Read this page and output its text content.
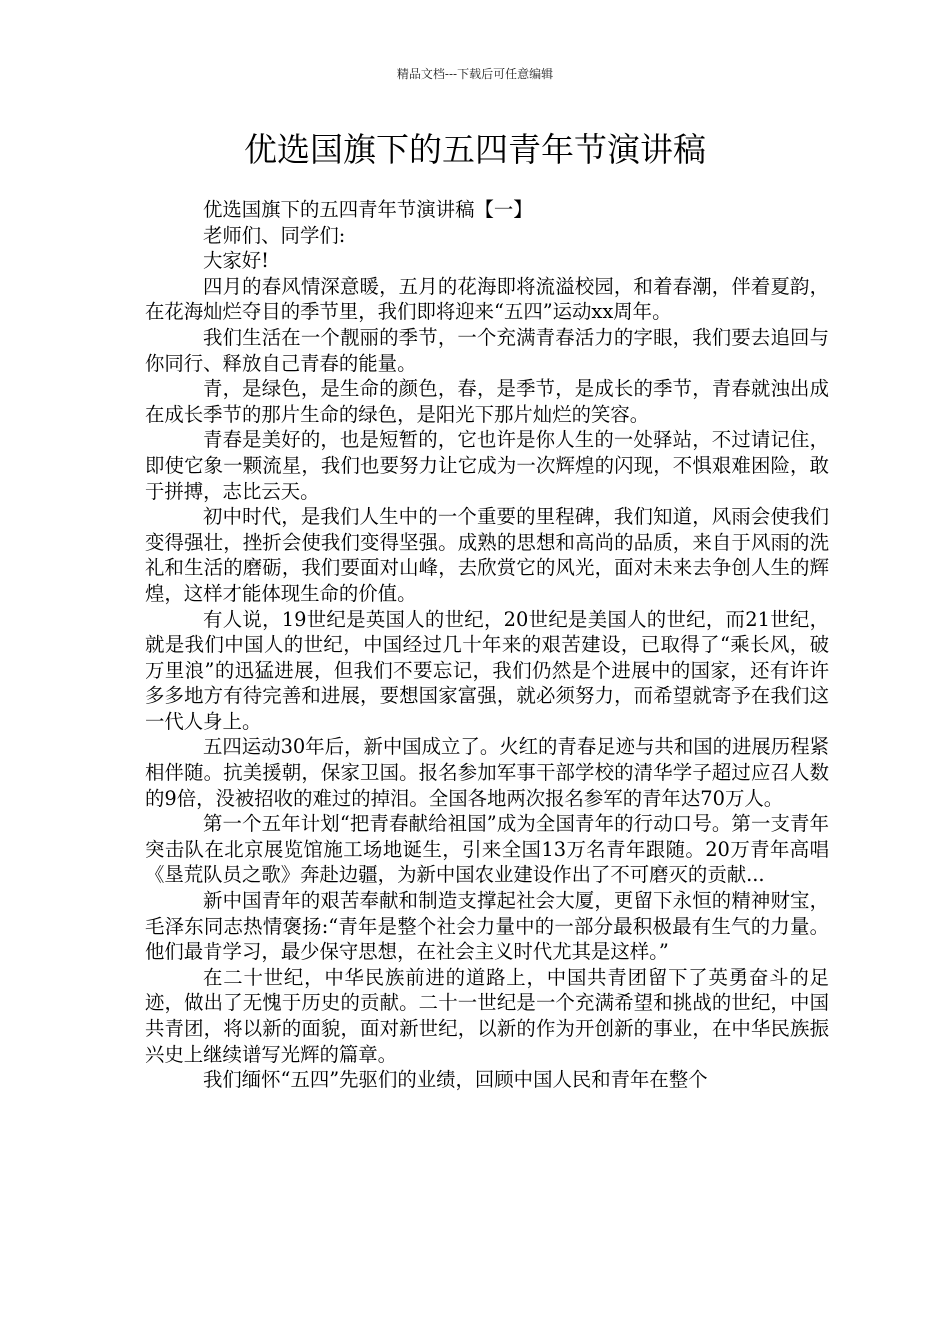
精品文档---下载后可任意编辑
优选国旗下的五四青年节演讲稿

优选国旗下的五四青年节演讲稿【一】

老师们、同学们:

大家好!

四月的春风情深意暖，五月的花海即将流溢校园，和着春潮，伴着夏韵，在花海灿烂夺目的季节里，我们即将迎来“五四”运动xx周年。

我们生活在一个靓丽的季节，一个充满青春活力的字眼，我们要去追回与你同行、释放自己青春的能量。

青，是绿色，是生命的颜色，春，是季节，是成长的季节，青春就浊出成在成长季节的那片生命的绿色，是阳光下那片灿烂的笑容。

青春是美好的，也是短暂的，它也许是你人生的一处驿站，不过请记住，即使它象一颗流星，我们也要努力让它成为一次辉煌的闪现，不惧艰难困险，敢于拼搏，志比云天。

初中时代，是我们人生中的一个重要的里程碑，我们知道，风雨会使我们变得强壮，挫折会使我们变得坚强。成熟的思想和高尚的品质，来自于风雨的洗礼和生活的磨砺，我们要面对山峰，去欣赏它的风光，面对未来去争创人生的辉煌，这样才能体现生命的价值。

有人说，19世纪是英国人的世纪，20世纪是美国人的世纪，而21世纪，就是我们中国人的世纪，中国经过几十年来的艰苦建设，已取得了“乘长风，破万里浪”的迅猛进展，但我们不要忘记，我们仍然是个进展中的国家，还有许许多多地方有待完善和进展，要想国家富强，就必须努力，而希望就寄予在我们这一代人身上。

五四运动30年后，新中国成立了。火红的青春足迹与共和国的进展历程紧相伴随。抗美援朝，保家卫国。报名参加军事干部学校的清华学子超过应召人数的9倍，没被招收的难过的掉泪。全国各地两次报名参军的青年达70万人。

第一个五年计划“把青春献给祖国”成为全国青年的行动口号。第一支青年突击队在北京展览馆施工场地诞生，引来全国13万名青年跟随。20万青年高唱《垦荒队员之歌》奔赴边疆，为新中国农业建设作出了不可磨灭的贡献...

新中国青年的艰苦奉献和制造支撑起社会大厦，更留下永恒的精神财宝，毛泽东同志热情褒扬:“青年是整个社会力量中的一部分最积极最有生气的力量。他们最肯学习，最少保守思想，在社会主义时代尤其是这样。”

在二十世纪，中华民族前进的道路上，中国共青团留下了英勇奋斗的足迹，做出了无愧于历史的贡献。二十一世纪是一个充满希望和挑战的世纪，中国共青团，将以新的面貌，面对新世纪，以新的作为开创新的事业，在中华民族振兴史上继续谱写光辉的篇章。

我们缅怀“五四”先驱们的业绩，回顾中国人民和青年在整个
